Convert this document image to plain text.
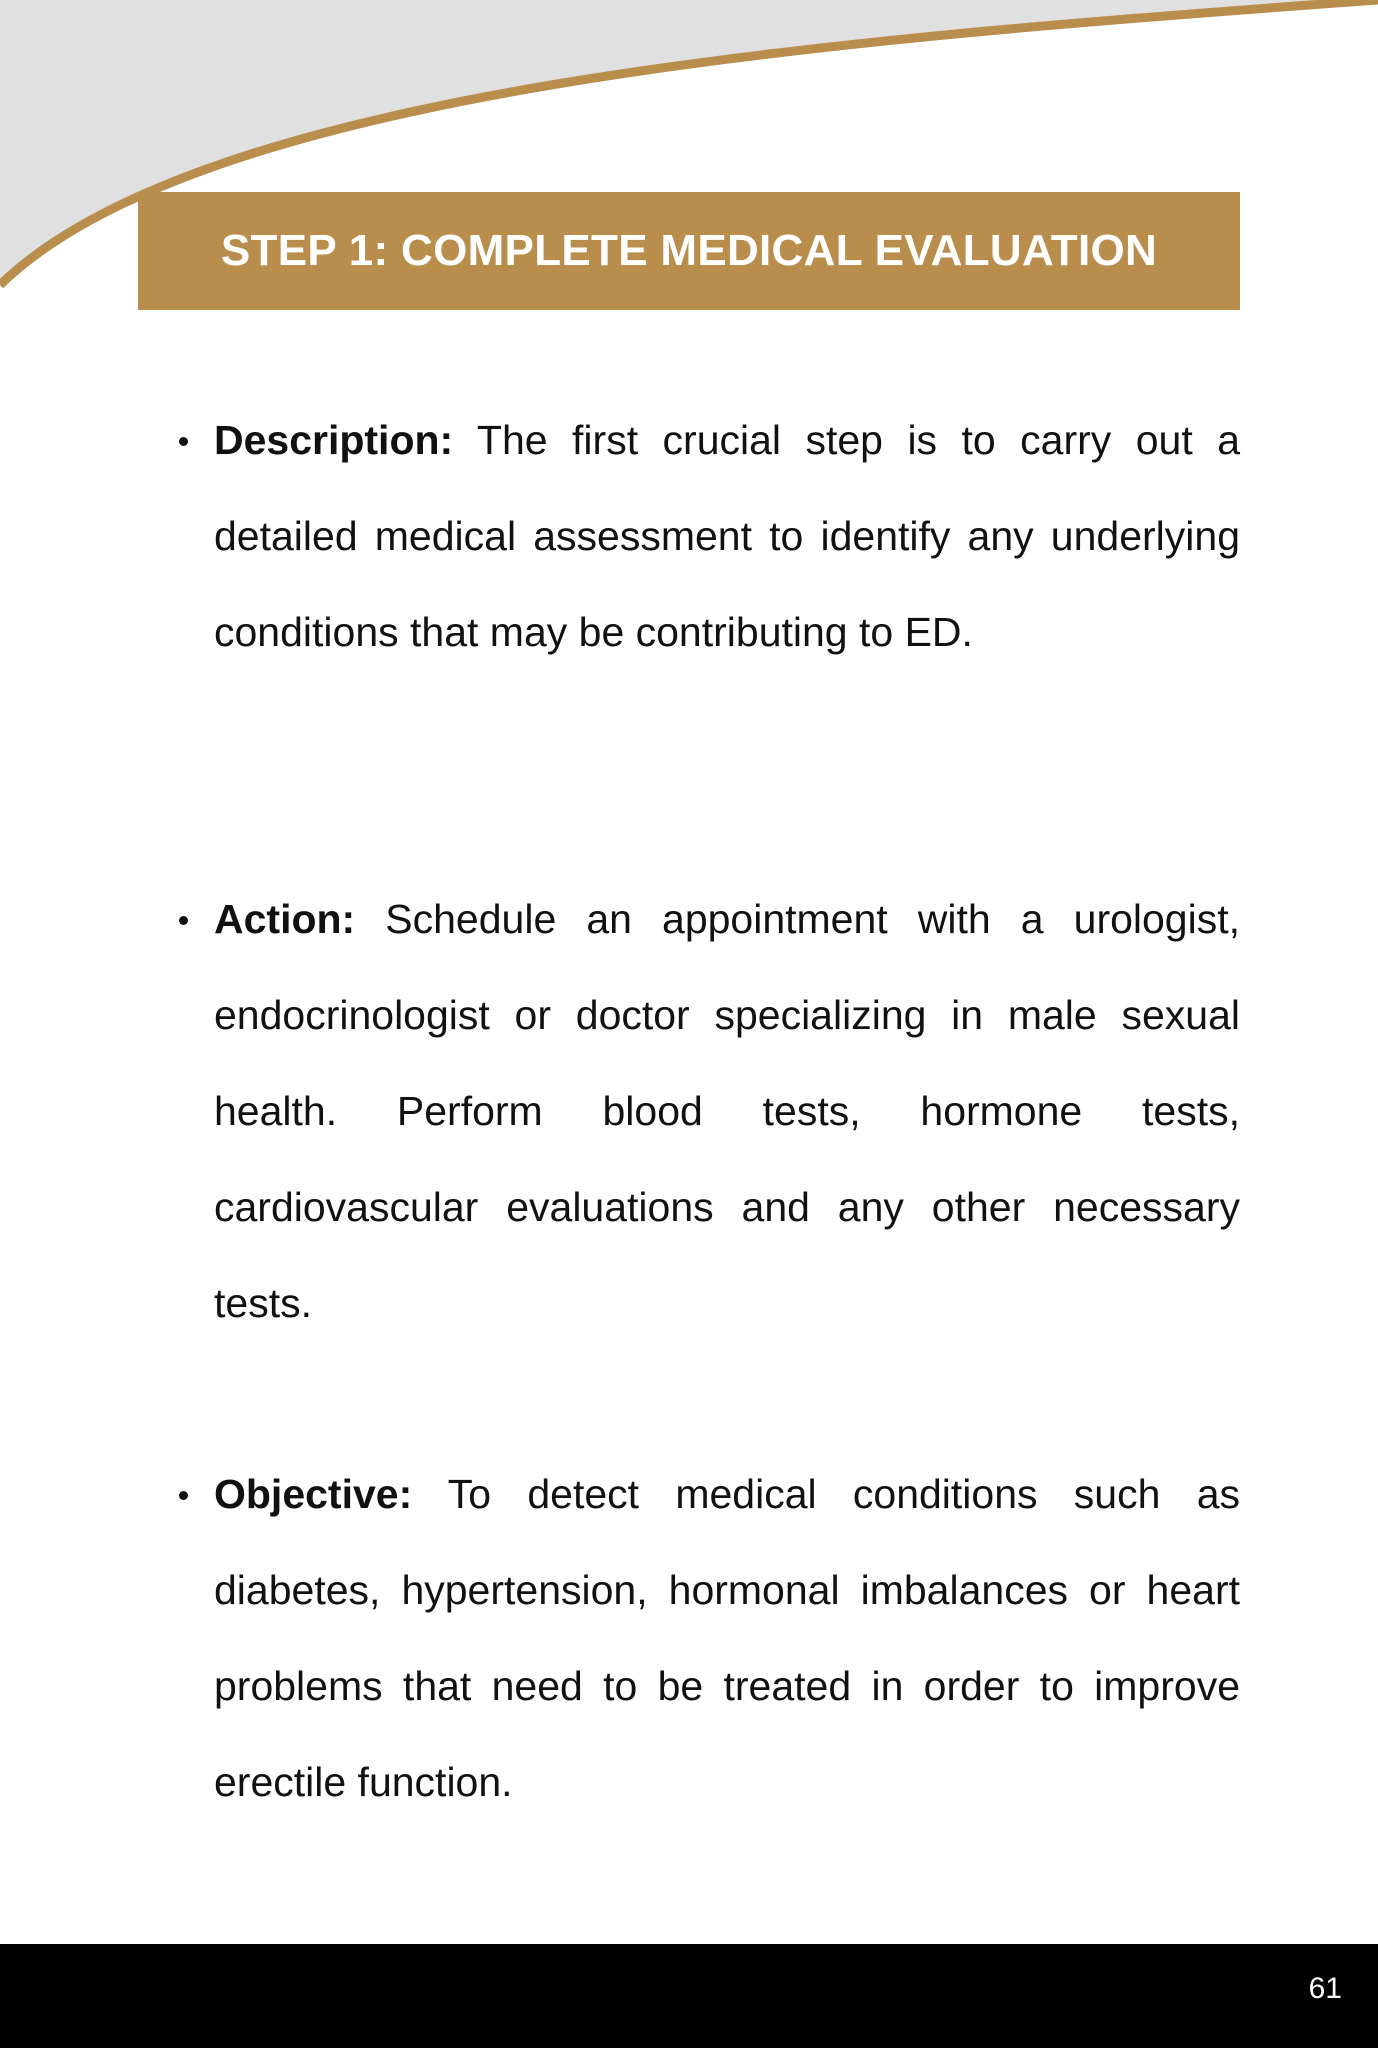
STEP 1: COMPLETE MEDICAL EVALUATION
Description: The first crucial step is to carry out a detailed medical assessment to identify any underlying conditions that may be contributing to ED.
Action: Schedule an appointment with a urologist, endocrinologist or doctor specializing in male sexual health. Perform blood tests, hormone tests, cardiovascular evaluations and any other necessary tests.
Objective: To detect medical conditions such as diabetes, hypertension, hormonal imbalances or heart problems that need to be treated in order to improve erectile function.
61
